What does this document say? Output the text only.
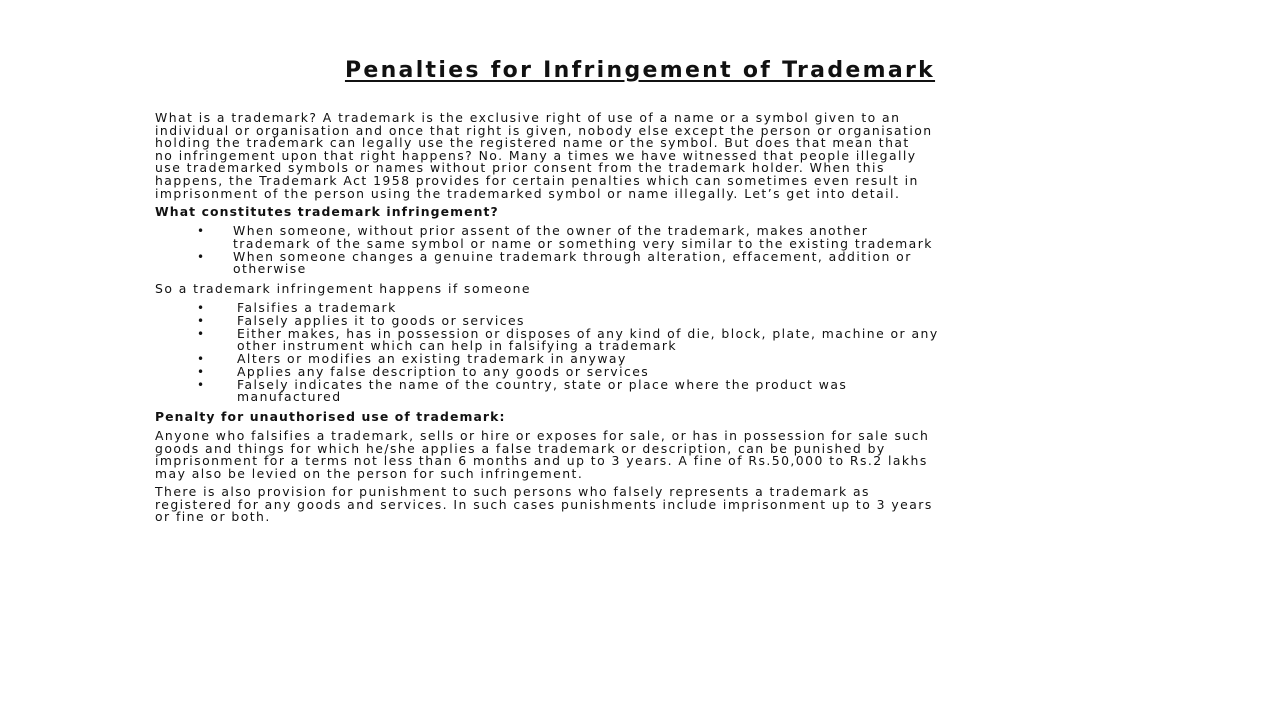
Penalties for Infringement of Trademark
What is a trademark? A trademark is the exclusive right of use of a name or a symbol given to an
individual or organisation and once that right is given, nobody else except the person or organisation
holding the trademark can legally use the registered name or the symbol. But does that mean that
no infringement upon that right happens? No. Many a times we have witnessed that people illegally
use trademarked symbols or names without prior consent from the trademark holder. When this
happens, the Trademark Act 1958 provides for certain penalties which can sometimes even result in
imprisonment of the person using the trademarked symbol or name illegally. Let’s get into detail.
What constitutes trademark infringement?
• When someone, without prior assent of the owner of the trademark, makes another
trademark of the same symbol or name or something very similar to the existing trademark
• When someone changes a genuine trademark through alteration, effacement, addition or
otherwise
So a trademark infringement happens if someone
•	Falsifies a trademark
•	Falsely applies it to goods or services
•	Either makes, has in possession or disposes of any kind of die, block, plate, machine or any
other instrument which can help in falsifying a trademark
•	Alters or modifies an existing trademark in anyway
•	Applies any false description to any goods or services
•	Falsely indicates the name of the country, state or place where the product was
manufactured
Penalty for unauthorised use of trademark:
Anyone who falsifies a trademark, sells or hire or exposes for sale, or has in possession for sale such
goods and things for which he/she applies a false trademark or description, can be punished by
imprisonment for a terms not less than 6 months and up to 3 years. A fine of Rs.50,000 to Rs.2 lakhs
may also be levied on the person for such infringement.
There is also provision for punishment to such persons who falsely represents a trademark as
registered for any goods and services. In such cases punishments include imprisonment up to 3 years
or fine or both.
